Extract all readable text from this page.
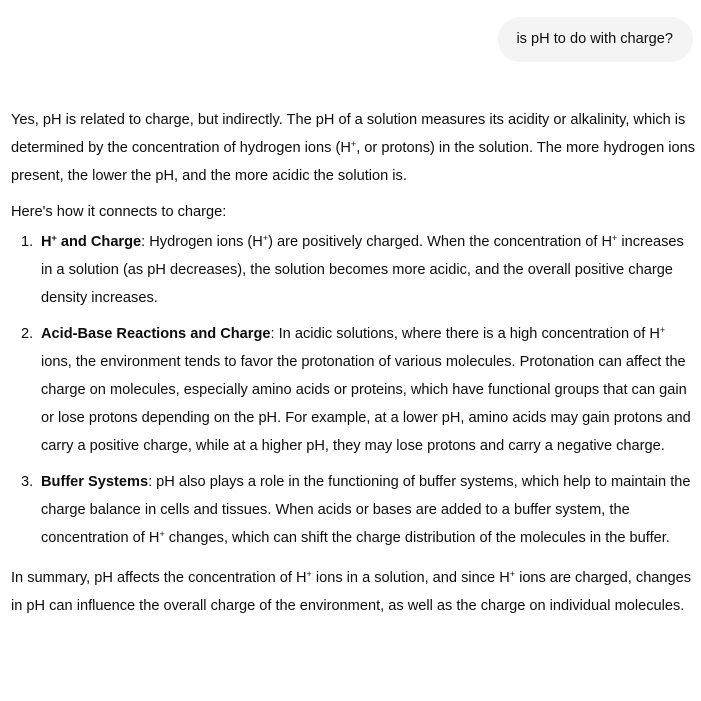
is pH to do with charge?

Yes, pH is related to charge, but indirectly. The pH of a solution measures its acidity or alkalinity, which is determined by the concentration of hydrogen ions (H+, or protons) in the solution. The more hydrogen ions present, the lower the pH, and the more acidic the solution is.

Here's how it connects to charge:

1. H+ and Charge: Hydrogen ions (H+) are positively charged. When the concentration of H+ increases in a solution (as pH decreases), the solution becomes more acidic, and the overall positive charge density increases.
2. Acid-Base Reactions and Charge: In acidic solutions, where there is a high concentration of H+ ions, the environment tends to favor the protonation of various molecules. Protonation can affect the charge on molecules, especially amino acids or proteins, which have functional groups that can gain or lose protons depending on the pH. For example, at a lower pH, amino acids may gain protons and carry a positive charge, while at a higher pH, they may lose protons and carry a negative charge.
3. Buffer Systems: pH also plays a role in the functioning of buffer systems, which help to maintain the charge balance in cells and tissues. When acids or bases are added to a buffer system, the concentration of H+ changes, which can shift the charge distribution of the molecules in the buffer.

In summary, pH affects the concentration of H+ ions in a solution, and since H+ ions are charged, changes in pH can influence the overall charge of the environment, as well as the charge on individual molecules.
